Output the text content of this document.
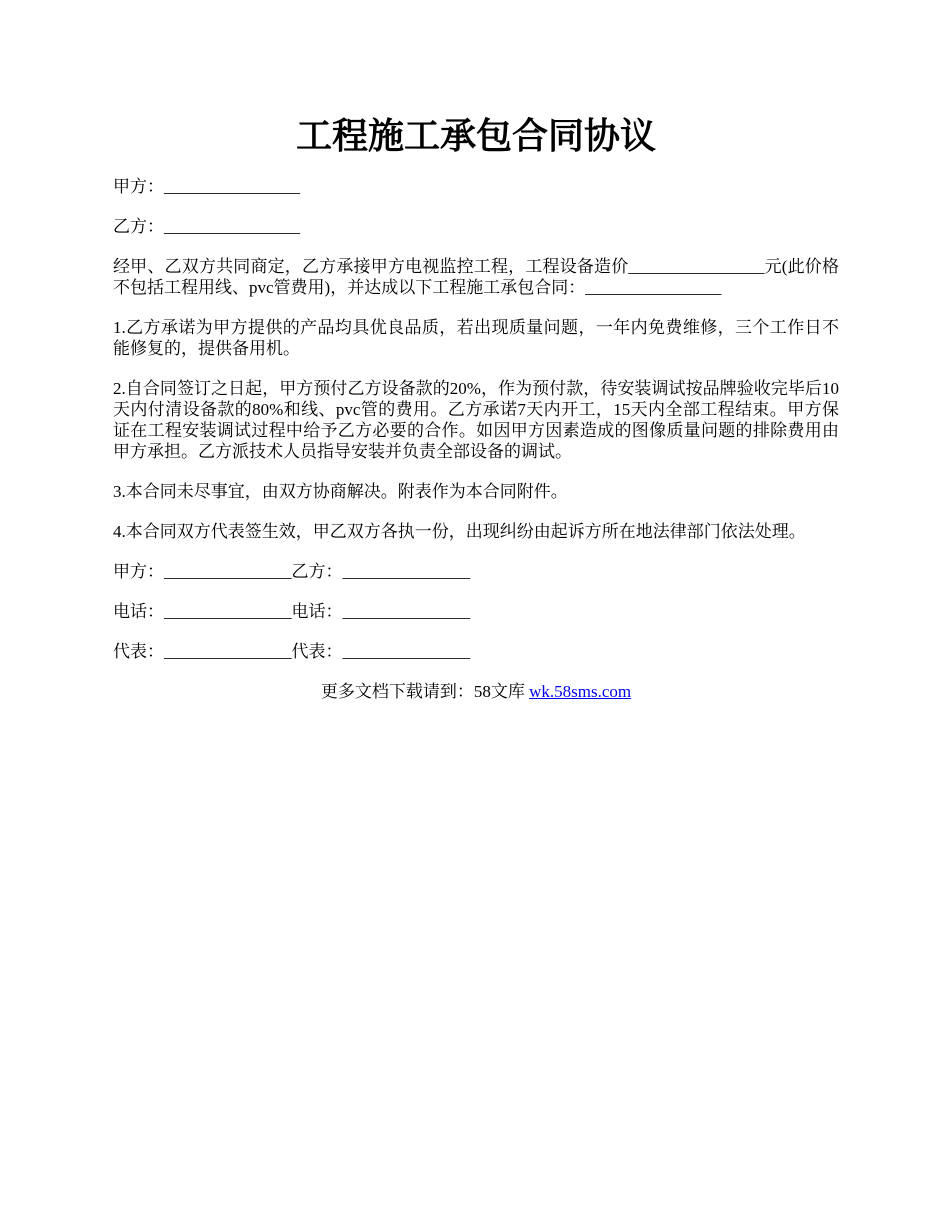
工程施工承包合同协议
甲方：________________
乙方：________________
经甲、乙双方共同商定，乙方承接甲方电视监控工程，工程设备造价________________元(此价格不包括工程用线、pvc管费用)，并达成以下工程施工承包合同：________________
1.乙方承诺为甲方提供的产品均具优良品质，若出现质量问题，一年内免费维修，三个工作日不能修复的，提供备用机。
2.自合同签订之日起，甲方预付乙方设备款的20%，作为预付款，待安装调试按品牌验收完毕后10天内付清设备款的80%和线、pvc管的费用。乙方承诺7天内开工，15天内全部工程结束。甲方保证在工程安装调试过程中给予乙方必要的合作。如因甲方因素造成的图像质量问题的排除费用由甲方承担。乙方派技术人员指导安装并负责全部设备的调试。
3.本合同未尽事宜，由双方协商解决。附表作为本合同附件。
4.本合同双方代表签生效，甲乙双方各执一份，出现纠纷由起诉方所在地法律部门依法处理。
甲方：_______________乙方：_______________
电话：_______________电话：_______________
代表：_______________代表：_______________
更多文档下载请到：58文库 wk.58sms.com
